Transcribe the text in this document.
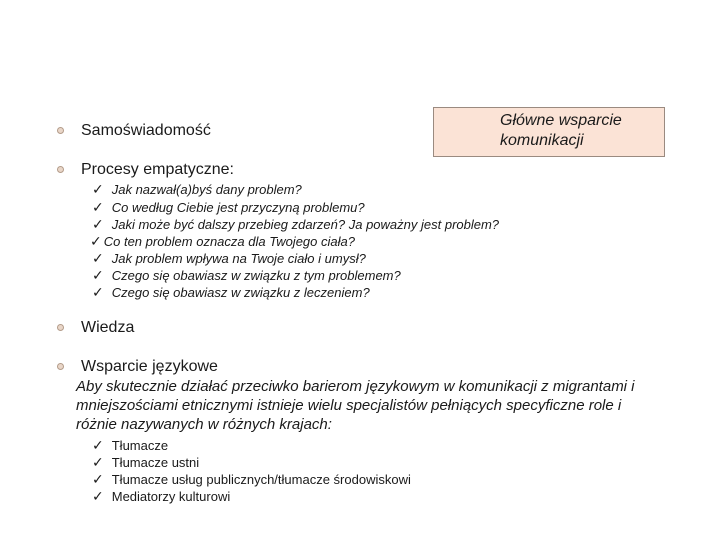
Główne wsparcie
komunikacji
Samoświadomość
Procesy empatyczne:
✓ Jak nazwał(a)byś dany problem?
✓ Co według Ciebie jest przyczyną problemu?
✓ Jaki może być dalszy przebieg zdarzeń? Ja poważny jest problem?
✓ Co ten problem oznacza dla Twojego ciała?
✓ Jak problem wpływa na Twoje ciało i umysł?
✓ Czego się obawiasz w związku z tym problemem?
✓ Czego się obawiasz w związku z leczeniem?
Wiedza
Wsparcie językowe
Aby skutecznie działać przeciwko barierom językowym w komunikacji z migrantami i mniejszościami etnicznymi istnieje wielu specjalistów pełniących specyficzne role i różnie nazywanych w różnych krajach:
✓ Tłumacze
✓ Tłumacze ustni
✓ Tłumacze usług publicznych/tłumacze środowiskowi
✓ Mediatorzy kulturowi
